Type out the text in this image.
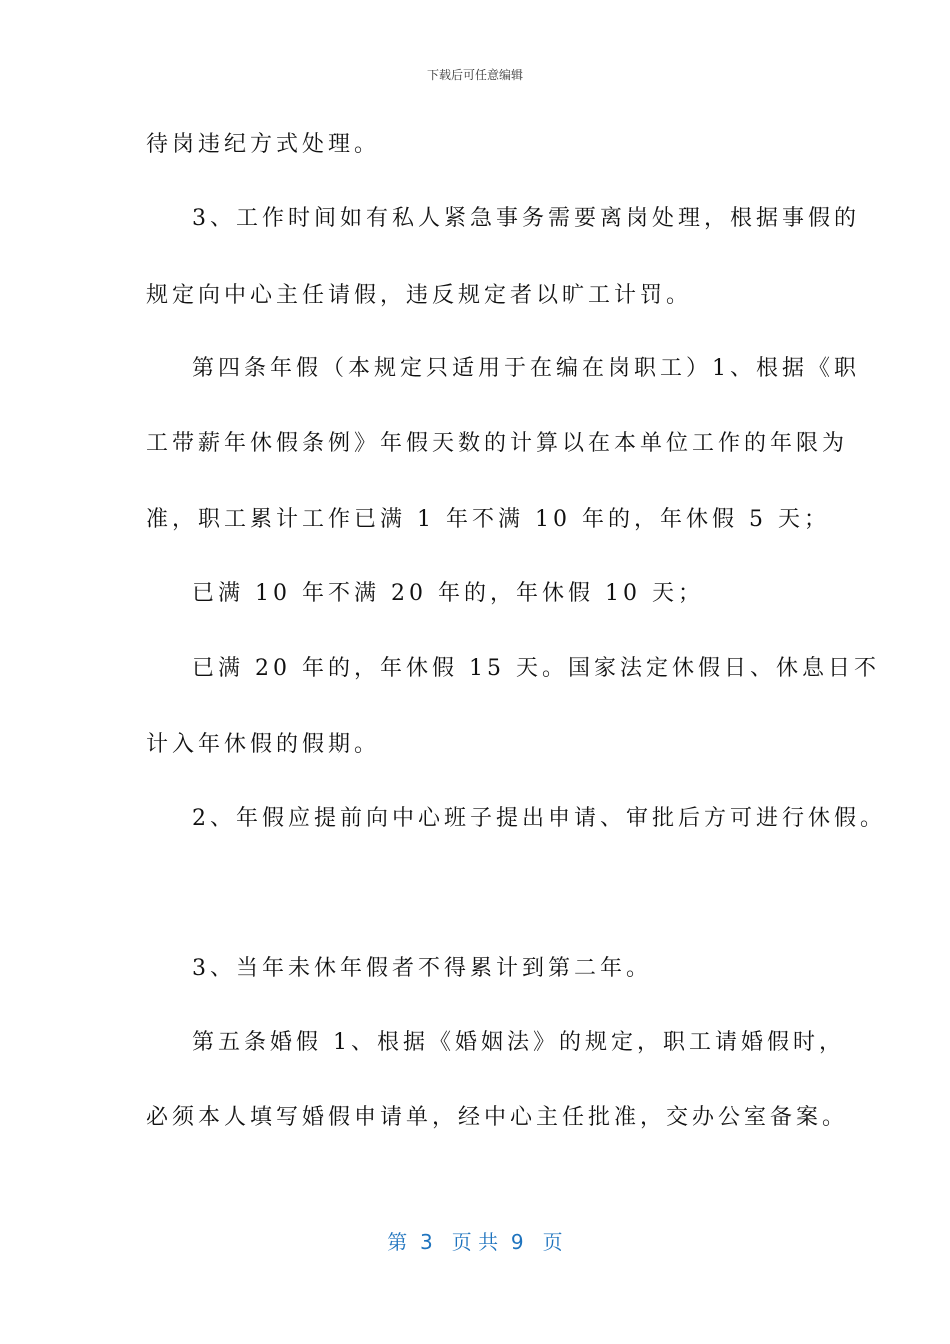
下载后可任意编辑
待岗违纪方式处理。
3、工作时间如有私人紧急事务需要离岗处理，根据事假的
规定向中心主任请假，违反规定者以旷工计罚。
第四条年假（本规定只适用于在编在岗职工）1、根据《职
工带薪年休假条例》年假天数的计算以在本单位工作的年限为
准，职工累计工作已满 1 年不满 10 年的，年休假 5 天；
已满 10 年不满 20 年的，年休假 10 天；
已满 20 年的，年休假 15 天。国家法定休假日、休息日不
计入年休假的假期。
2、年假应提前向中心班子提出申请、审批后方可进行休假。
3、当年未休年假者不得累计到第二年。
第五条婚假 1、根据《婚姻法》的规定，职工请婚假时，
必须本人填写婚假申请单，经中心主任批准，交办公室备案。
第  3   页 共  9   页
